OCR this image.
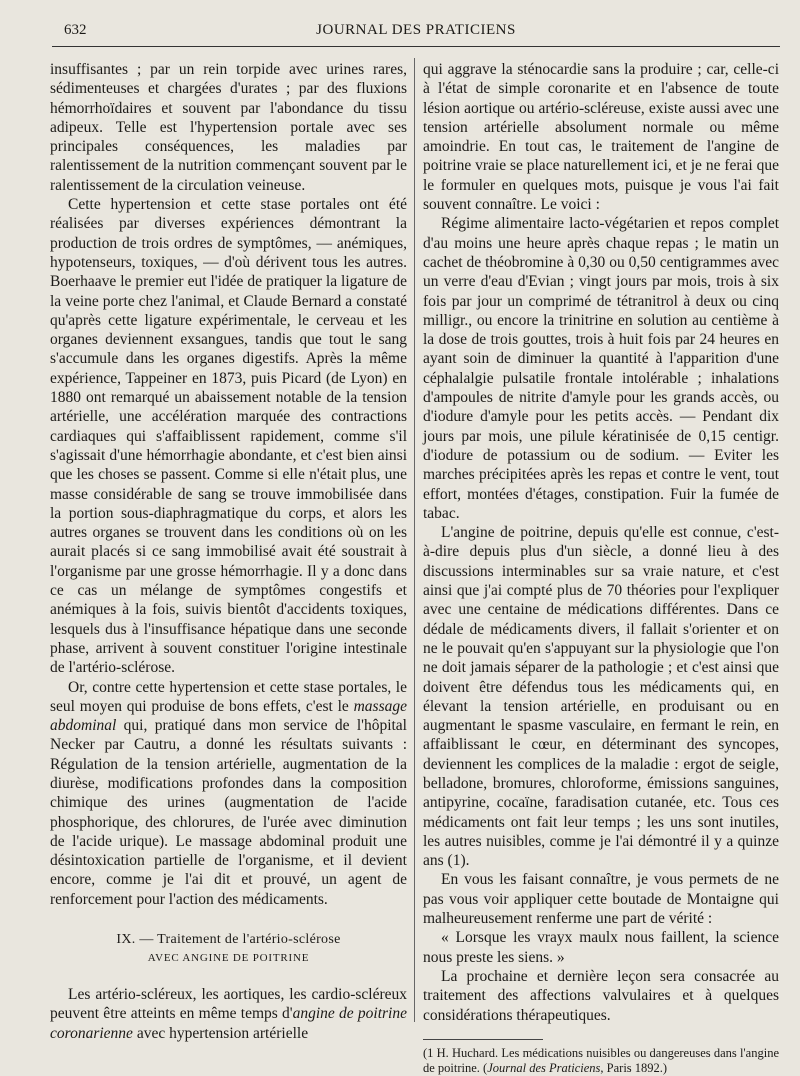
632	JOURNAL DES PRATICIENS

insuffisantes ; par un rein torpide avec urines rares, sédimenteuses et chargées d'urates ; par des fluxions hémorrhoïdaires et souvent par l'abondance du tissu adipeux. Telle est l'hypertension portale avec ses principales conséquences, les maladies par ralentissement de la nutrition commençant souvent par le ralentissement de la circulation veineuse.

Cette hypertension et cette stase portales ont été réalisées par diverses expériences démontrant la production de trois ordres de symptômes, — anémiques, hypotenseurs, toxiques, — d'où dérivent tous les autres. Boerhaave le premier eut l'idée de pratiquer la ligature de la veine porte chez l'animal, et Claude Bernard a constaté qu'après cette ligature expérimentale, le cerveau et les organes deviennent exsangues, tandis que tout le sang s'accumule dans les organes digestifs. Après la même expérience, Tappeiner en 1873, puis Picard (de Lyon) en 1880 ont remarqué un abaissement notable de la tension artérielle, une accélération marquée des contractions cardiaques qui s'affaiblissent rapidement, comme s'il s'agissait d'une hémorrhagie abondante, et c'est bien ainsi que les choses se passent. Comme si elle n'était plus, une masse considérable de sang se trouve immobilisée dans la portion sous-diaphragmatique du corps, et alors les autres organes se trouvent dans les conditions où on les aurait placés si ce sang immobilisé avait été soustrait à l'organisme par une grosse hémorrhagie. Il y a donc dans ce cas un mélange de symptômes congestifs et anémiques à la fois, suivis bientôt d'accidents toxiques, lesquels dus à l'insuffisance hépatique dans une seconde phase, arrivent à souvent constituer l'origine intestinale de l'artério-sclérose.

Or, contre cette hypertension et cette stase portales, le seul moyen qui produise de bons effets, c'est le massage abdominal qui, pratiqué dans mon service de l'hôpital Necker par Cautru, a donné les résultats suivants : Régulation de la tension artérielle, augmentation de la diurèse, modifications profondes dans la composition chimique des urines (augmentation de l'acide phosphorique, des chlorures, de l'urée avec diminution de l'acide urique). Le massage abdominal produit une désintoxication partielle de l'organisme, et il devient encore, comme je l'ai dit et prouvé, un agent de renforcement pour l'action des médicaments.

IX. — Traitement de l'artério-sclérose
AVEC ANGINE DE POITRINE

Les artério-scléreux, les aortiques, les cardio-scléreux peuvent être atteints en même temps d'angine de poitrine coronarienne avec hypertension artérielle

qui aggrave la sténocardie sans la produire ; car, celle-ci à l'état de simple coronarite et en l'absence de toute lésion aortique ou artério-scléreuse, existe aussi avec une tension artérielle absolument normale ou même amoindrie. En tout cas, le traitement de l'angine de poitrine vraie se place naturellement ici, et je ne ferai que le formuler en quelques mots, puisque je vous l'ai fait souvent connaître. Le voici :

Régime alimentaire lacto-végétarien et repos complet d'au moins une heure après chaque repas ; le matin un cachet de théobromine à 0,30 ou 0,50 centigrammes avec un verre d'eau d'Evian ; vingt jours par mois, trois à six fois par jour un comprimé de tétranitrol à deux ou cinq milligr., ou encore la trinitrine en solution au centième à la dose de trois gouttes, trois à huit fois par 24 heures en ayant soin de diminuer la quantité à l'apparition d'une céphalalgie pulsatile frontale intolérable ; inhalations d'ampoules de nitrite d'amyle pour les grands accès, ou d'iodure d'amyle pour les petits accès. — Pendant dix jours par mois, une pilule kératinisée de 0,15 centigr. d'iodure de potassium ou de sodium. — Eviter les marches précipitées après les repas et contre le vent, tout effort, montées d'étages, constipation. Fuir la fumée de tabac.

L'angine de poitrine, depuis qu'elle est connue, c'est-à-dire depuis plus d'un siècle, a donné lieu à des discussions interminables sur sa vraie nature, et c'est ainsi que j'ai compté plus de 70 théories pour l'expliquer avec une centaine de médications différentes. Dans ce dédale de médicaments divers, il fallait s'orienter et on ne le pouvait qu'en s'appuyant sur la physiologie que l'on ne doit jamais séparer de la pathologie ; et c'est ainsi que doivent être défendus tous les médicaments qui, en élevant la tension artérielle, en produisant ou en augmentant le spasme vasculaire, en fermant le rein, en affaiblissant le cœur, en déterminant des syncopes, deviennent les complices de la maladie : ergot de seigle, belladone, bromures, chloroforme, émissions sanguines, antipyrine, cocaïne, faradisation cutanée, etc. Tous ces médicaments ont fait leur temps ; les uns sont inutiles, les autres nuisibles, comme je l'ai démontré il y a quinze ans (1).

En vous les faisant connaître, je vous permets de ne pas vous voir appliquer cette boutade de Montaigne qui malheureusement renferme une part de vérité :

« Lorsque les vrayx maulx nous faillent, la science nous preste les siens. »

La prochaine et dernière leçon sera consacrée au traitement des affections valvulaires et à quelques considérations thérapeutiques.

(1 H. Huchard. Les médications nuisibles ou dangereuses dans l'angine de poitrine. (Journal des Praticiens, Paris 1892.)
